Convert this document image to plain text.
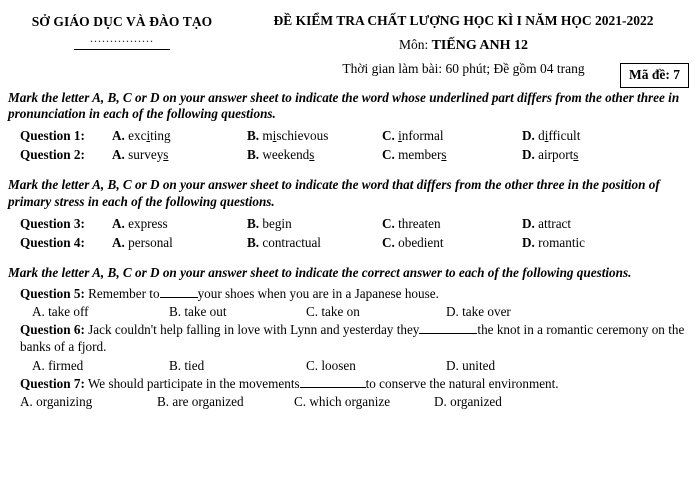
SỞ GIÁO DỤC VÀ ĐÀO TẠO
................
ĐỀ KIỂM TRA CHẤT LƯỢNG HỌC KÌ I NĂM HỌC 2021-2022
Môn: TIẾNG ANH 12
Thời gian làm bài: 60 phút; Đề gồm 04 trang	Mã đề: 7
Mark the letter A, B, C or D on your answer sheet to indicate the word whose underlined part differs from the other three in pronunciation in each of the following questions.
Question 1:	A. exciting	B. mischievous	C. informal	D. difficult
Question 2:	A. surveys	B. weekends	C. members	D. airports
Mark the letter A, B, C or D on your answer sheet to indicate the word that differs from the other three in the position of primary stress in each of the following questions.
Question 3:	A. express	B. begin	C. threaten	D. attract
Question 4:	A. personal	B. contractual	C. obedient	D. romantic
Mark the letter A, B, C or D on your answer sheet to indicate the correct answer to each of the following questions.
Question 5: Remember to	your shoes when you are in a Japanese house.
A. take off	B. take out	C. take on	D. take over
Question 6: Jack couldn't help falling in love with Lynn and yesterday they	the knot in a romantic ceremony on the banks of a fjord.
A. firmed	B. tied	C. loosen	D. united
Question 7: We should participate in the movements	to conserve the natural environment.
A. organizing	B. are organized	C. which organize	D. organized
